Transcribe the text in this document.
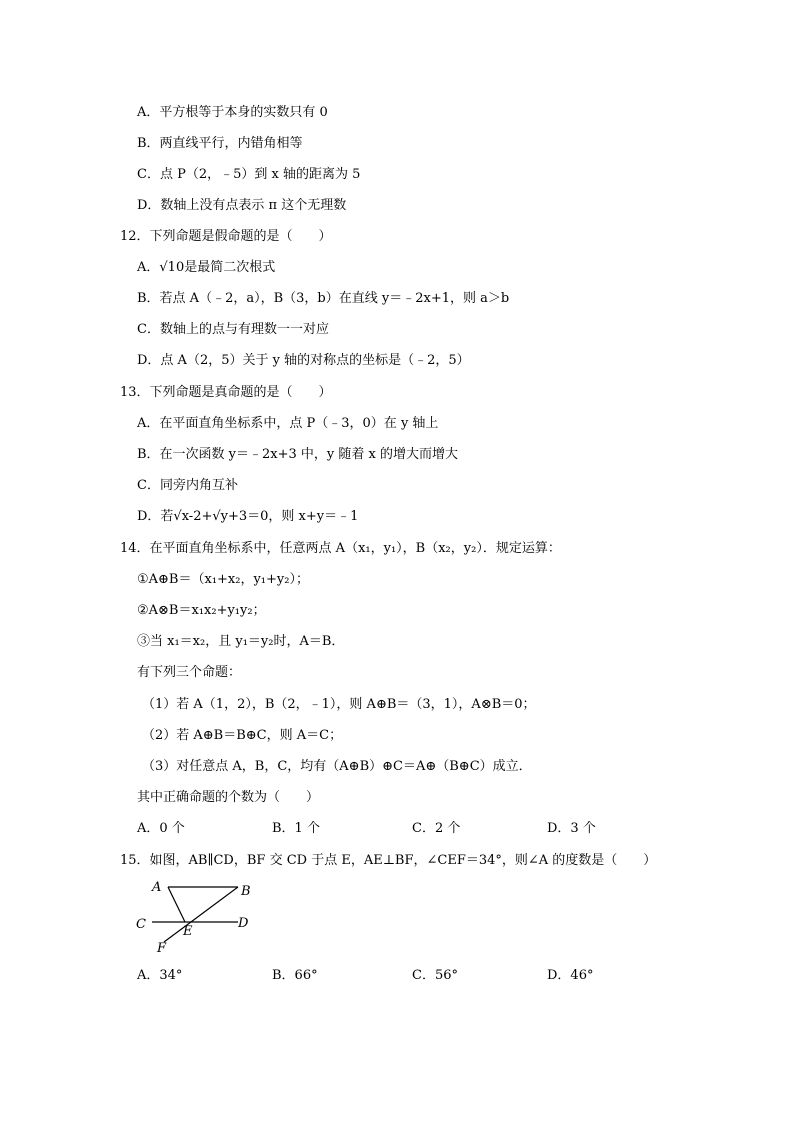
A．平方根等于本身的实数只有 0
B．两直线平行，内错角相等
C．点 P（2，﹣5）到 x 轴的距离为 5
D．数轴上没有点表示 π 这个无理数
12．下列命题是假命题的是（　　）
A．√10是最简二次根式
B．若点 A（﹣2，a），B（3，b）在直线 y＝﹣2x+1，则 a＞b
C．数轴上的点与有理数一一对应
D．点 A（2，5）关于 y 轴的对称点的坐标是（﹣2，5）
13．下列命题是真命题的是（　　）
A．在平面直角坐标系中，点 P（﹣3，0）在 y 轴上
B．在一次函数 y＝﹣2x+3 中，y 随着 x 的增大而增大
C．同旁内角互补
D．若√x-2+√y+3＝0，则 x+y＝﹣1
14．在平面直角坐标系中，任意两点 A（x₁，y₁），B（x₂，y₂）．规定运算：
①A⊕B＝（x₁+x₂，y₁+y₂）；
②A⊗B＝x₁x₂+y₁y₂；
③当 x₁＝x₂，且 y₁＝y₂时，A＝B．
有下列三个命题：
（1）若 A（1，2），B（2，﹣1），则 A⊕B＝（3，1），A⊗B＝0；
（2）若 A⊕B＝B⊕C，则 A＝C；
（3）对任意点 A，B，C，均有（A⊕B）⊕C＝A⊕（B⊕C）成立．
其中正确命题的个数为（　　）
A．0 个	B．1 个	C．2 个	D．3 个
15．如图，AB∥CD，BF 交 CD 于点 E，AE⊥BF，∠CEF＝34°，则∠A 的度数是（　　）
A	B
C	D
E
F
A．34°	B．66°	C．56°	D．46°
